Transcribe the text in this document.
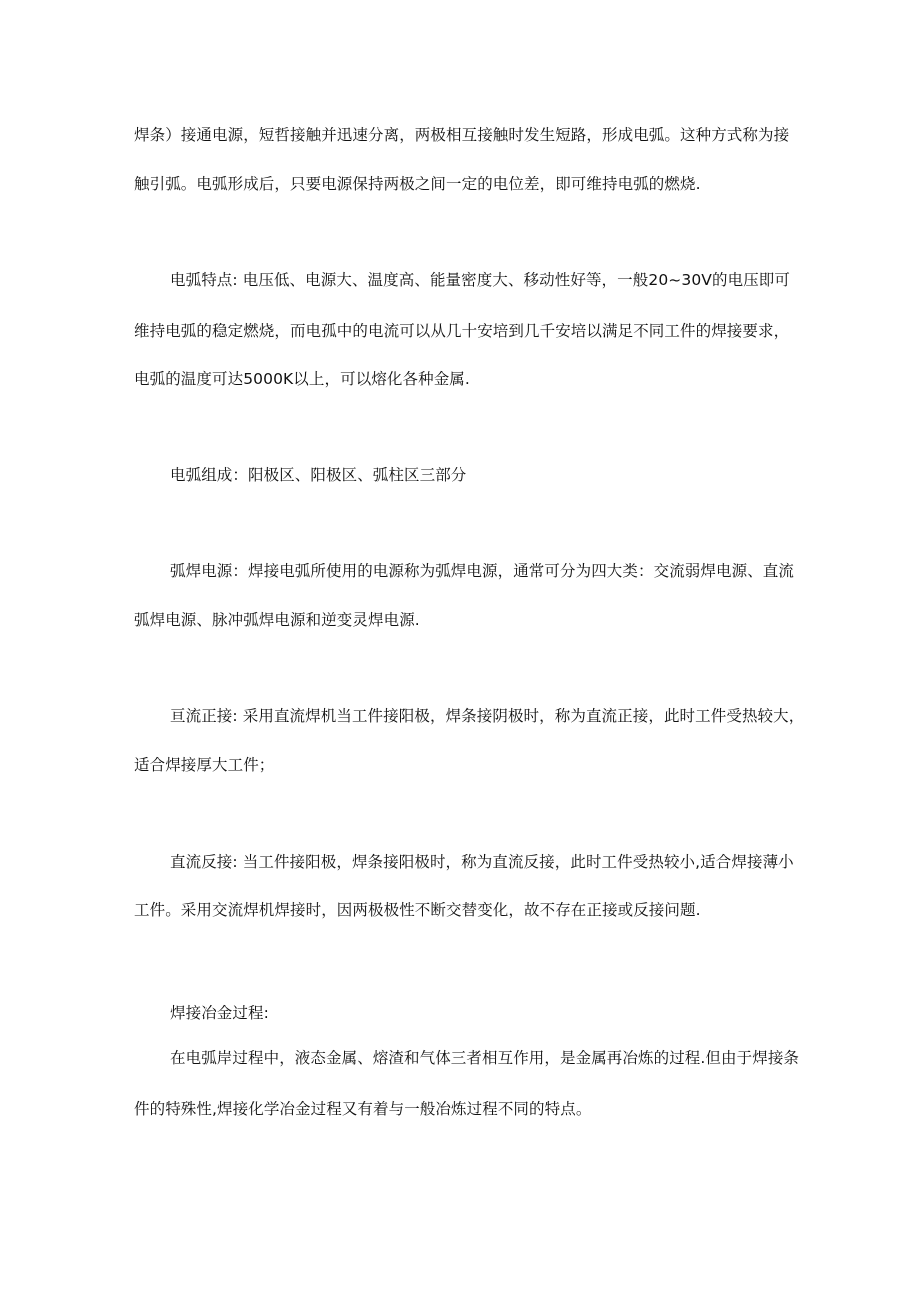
焊条）接通电源，短哲接触并迅速分离，两极相互接触时发生短路，形成电弧。这种方式称为接
触引弧。电弧形成后，只要电源保持两极之间一定的电位差，即可维持电弧的燃烧.
电弧特点: 电压低、电源大、温度高、能量密度大、移动性好等，一般20~30V的电压即可
维持电弧的稳定燃烧，而电孤中的电流可以从几十安培到几千安培以满足不同工件的焊接要求，
电弧的温度可达5000K以上，可以熔化各种金属.
电弧组成：阳极区、阳极区、弧柱区三部分
弧焊电源：焊接电弧所使用的电源称为弧焊电源，通常可分为四大类：交流弱焊电源、直流
弧焊电源、脉冲弧焊电源和逆变灵焊电源.
亘流正接: 采用直流焊机当工件接阳极，焊条接阴极时，称为直流正接，此时工件受热较大，
适合焊接厚大工件；
直流反接: 当工件接阳极，焊条接阳极时，称为直流反接，此时工件受热较小,适合焊接薄小
工件。采用交流焊机焊接时，因两极极性不断交替变化，故不存在正接或反接问题.
焊接冶金过程:
在电弧岸过程中，液态金属、熔渣和气体三者相互作用，是金属再冶炼的过程.但由于焊接条
件的特殊性,焊接化学冶金过程又有着与一般冶炼过程不同的特点。
